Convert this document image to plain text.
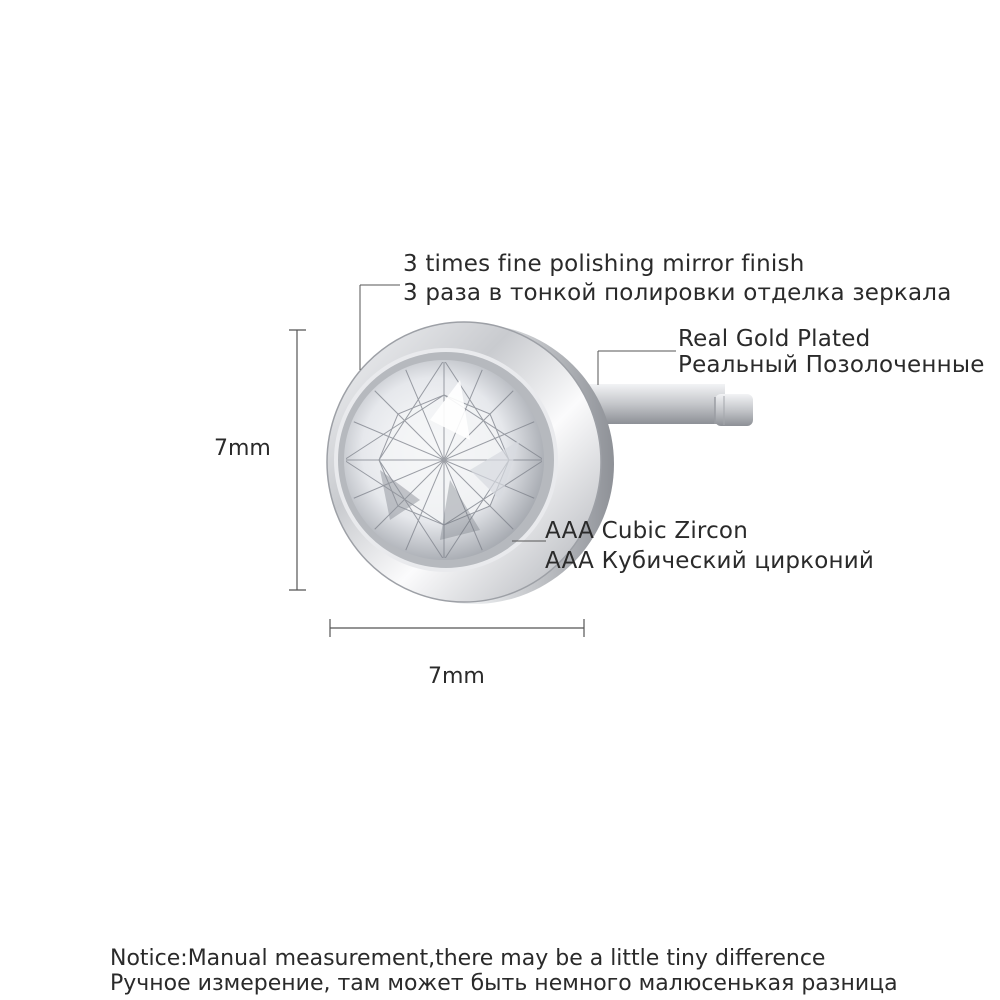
3 times fine polishing mirror finish
3 раза в тонкой полировки отделка зеркала
Real Gold Plated
Реальный Позолоченные
AAA Cubic Zircon
AAA Кубический цирконий
7mm
7mm
Notice:Manual measurement,there may be a little tiny difference
Ручное измерение, там может быть немного малюсенькая разница
